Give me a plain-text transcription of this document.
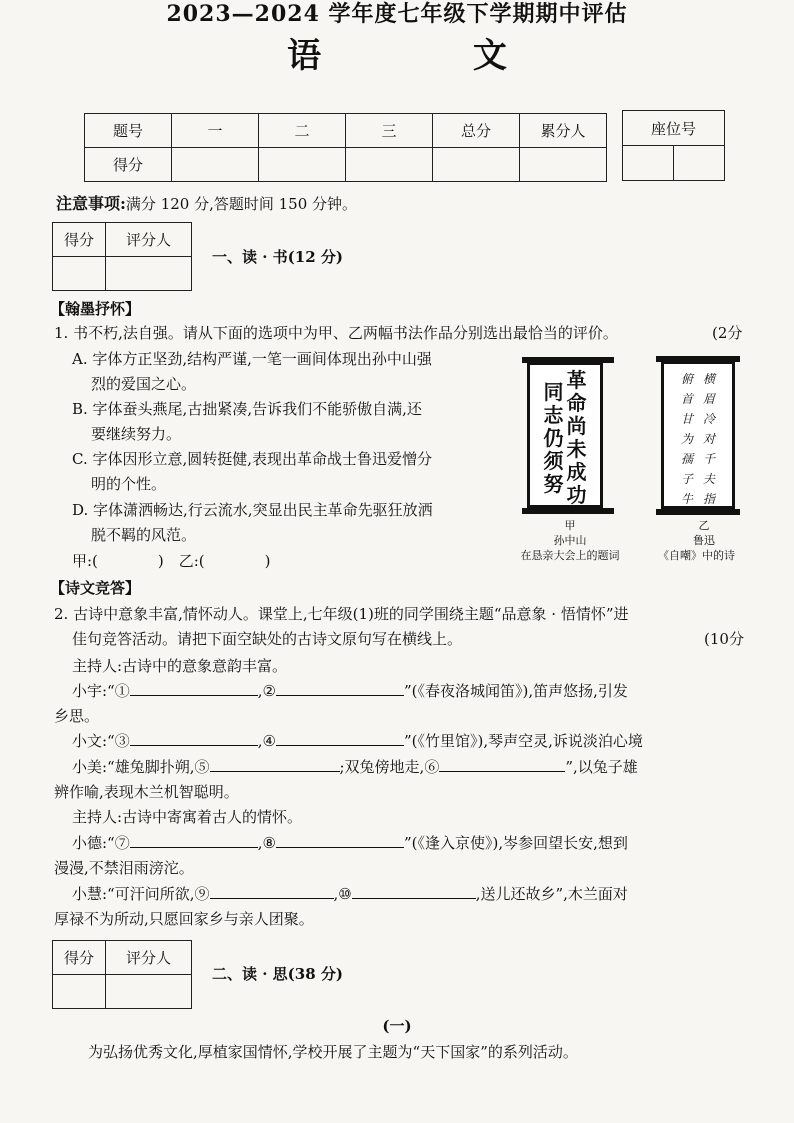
2023—2024 学年度七年级下学期期中评估
语 文
题号	一	二	三	总分	累分人
得分					
座位号

注意事项:满分 120 分,答题时间 150 分钟。
得分	评分人

一、读 · 书(12 分)
【翰墨抒怀】
1. 书不朽,法自强。请从下面的选项中为甲、乙两幅书法作品分别选出最恰当的评价。	(2分
A. 字体方正坚劲,结构严谨,一笔一画间体现出孙中山强
烈的爱国之心。
B. 字体蚕头燕尾,古拙紧凑,告诉我们不能骄傲自满,还
要继续努力。
C. 字体因形立意,圆转挺健,表现出革命战士鲁迅爱憎分
明的个性。
D. 字体潇洒畅达,行云流水,突显出民主革命先驱狂放洒
脱不羁的风范。
甲:(　　　　)　乙:(　　　　)
革
命
尚
未
成
功
同
志
仍
须
努
甲
孙中山
在恳亲大会上的题词
横
眉
冷
对
千
夫
指
俯
首
甘
为
孺
子
牛
乙
鲁迅
《自嘲》中的诗
【诗文竞答】
2. 古诗中意象丰富,情怀动人。课堂上,七年级(1)班的同学围绕主题“品意象 · 悟情怀”进
佳句竞答活动。请把下面空缺处的古诗文原句写在横线上。	(10分
主持人:古诗中的意象意韵丰富。
小宇:“①	,②	”(《春夜洛城闻笛》),笛声悠扬,引发
乡思。
小文:“③	,④	”(《竹里馆》),琴声空灵,诉说淡泊心境
小美:“雄兔脚扑朔,⑤	;双兔傍地走,⑥	”,以兔子雄
辨作喻,表现木兰机智聪明。
主持人:古诗中寄寓着古人的情怀。
小德:“⑦	,⑧	”(《逢入京使》),岑参回望长安,想到
漫漫,不禁泪雨滂沱。
小慧:“可汗问所欲,⑨	,⑩	,送儿还故乡”,木兰面对
厚禄不为所动,只愿回家乡与亲人团聚。
得分	评分人

二、读 · 思(38 分)
(一)
为弘扬优秀文化,厚植家国情怀,学校开展了主题为“天下国家”的系列活动。
